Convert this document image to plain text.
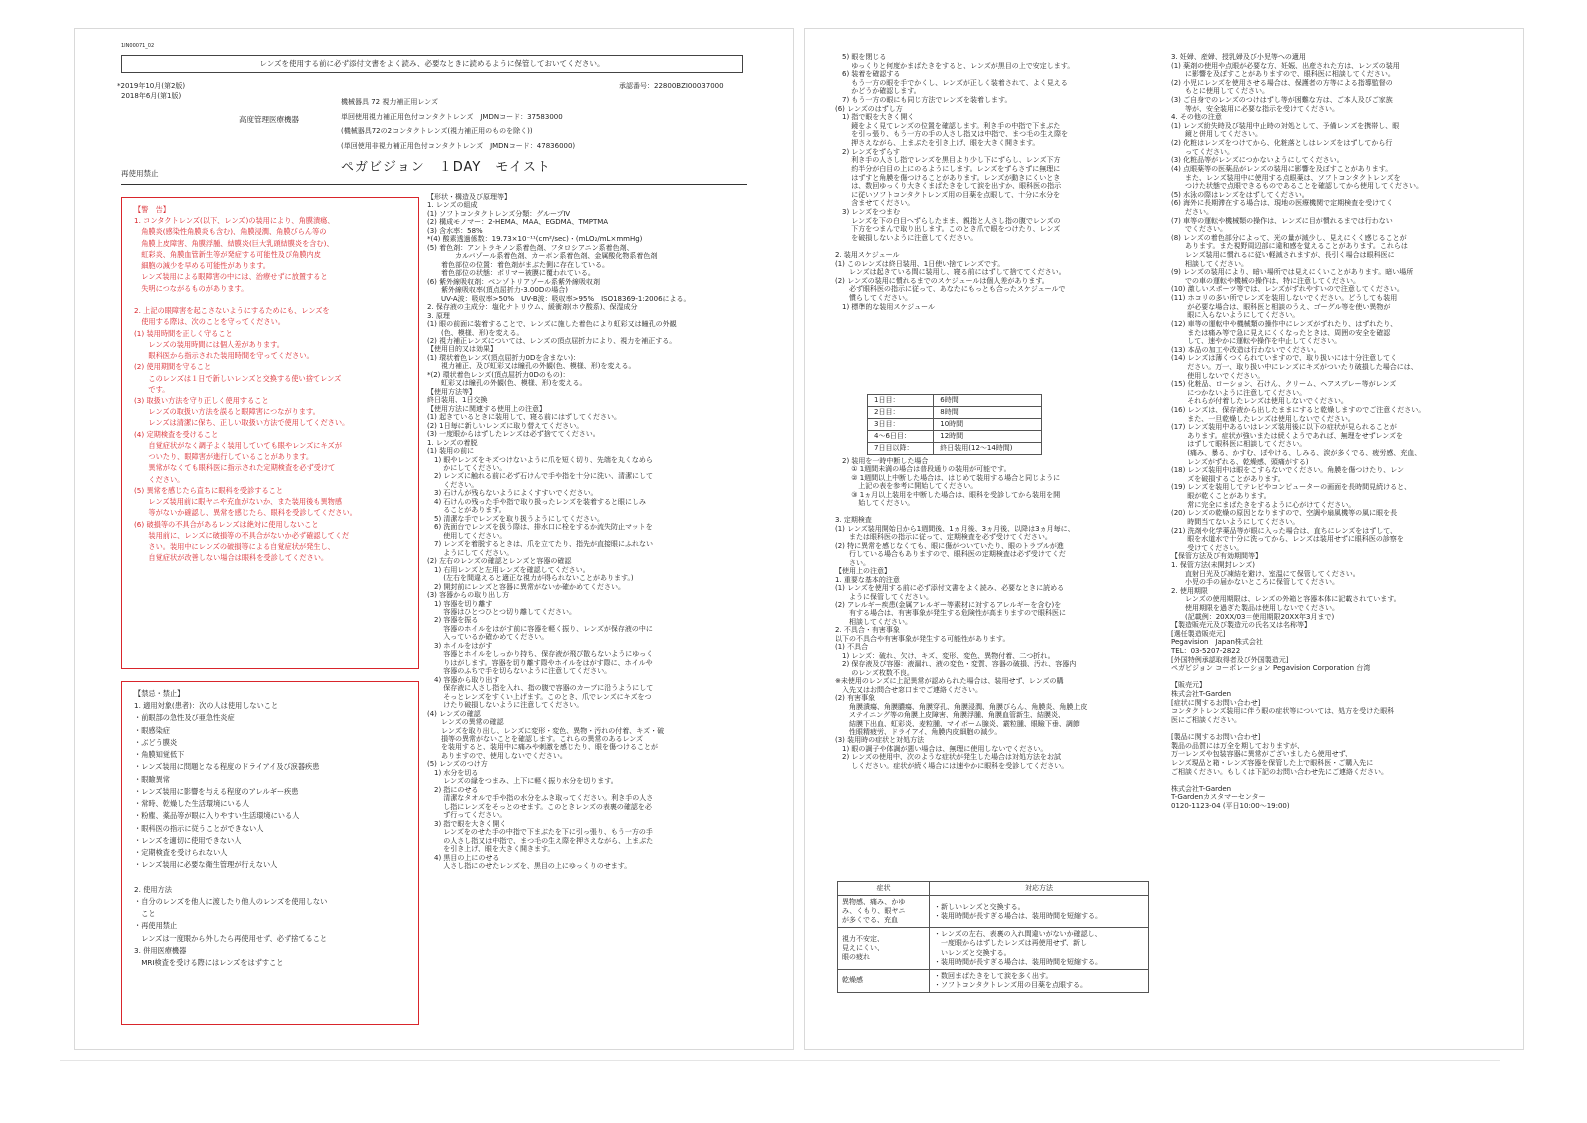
1IN00071_02
レンズを使用する前に必ず添付文書をよく読み、必要なときに読めるように保管しておいてください。
*2019年10月(第2版)
2018年6月(第1版)
承認番号：22800BZI00037000
高度管理医療機器
機械器具 72 視力補正用レンズ
単回使用視力補正用色付コンタクトレンズ　JMDNコード：37583000
(機械器具72の2コンタクトレンズ(視力補正用のものを除く))
(単回使用非視力補正用色付コンタクトレンズ　JMDNコード：47836000)
再使用禁止	ペガビジョン　１DAY　モイスト
【警　告】
1. コンタクトレンズ(以下、レンズ)の装用により、角膜潰瘍、
　角膜炎(感染性角膜炎も含む)、角膜浸潤、角膜びらん等の
　角膜上皮障害、角膜浮腫、結膜炎(巨大乳頭結膜炎を含む)、
　虹彩炎、角膜血管新生等が発症する可能性及び角膜内皮
　細胞の減少を早める可能性があります。
　レンズ装用による眼障害の中には、治療せずに放置すると
　失明につながるものがあります。

2. 上記の眼障害を起こさないようにするためにも、レンズを
　使用する際は、次のことを守ってください。
(1) 装用時間を正しく守ること
　　レンズの装用時間には個人差があります。
　　眼科医から指示された装用時間を守ってください。
(2) 使用期間を守ること
　　このレンズは１日で新しいレンズと交換する使い捨てレンズ
　　です。
(3) 取扱い方法を守り正しく使用すること
　　レンズの取扱い方法を誤ると眼障害につながります。
　　レンズは清潔に保ち、正しい取扱い方法で使用してください。
(4) 定期検査を受けること
　　自覚症状がなく調子よく装用していても眼やレンズにキズが
　　ついたり、眼障害が進行していることがあります。
　　異常がなくても眼科医に指示された定期検査を必ず受けて
　　ください。
(5) 異常を感じたら直ちに眼科を受診すること
　　レンズ装用前に眼ヤニや充血がないか、また装用後も異物感
　　等がないか確認し、異常を感じたら、眼科を受診してください。
(6) 破損等の不具合があるレンズは絶対に使用しないこと
　　装用前に、レンズに破損等の不具合がないか必ず確認してくだ
　　さい。装用中にレンズの破損等による自覚症状が発生し、
　　自覚症状が改善しない場合は眼科を受診してください。
【禁忌・禁止】
1. 適用対象(患者)：次の人は使用しないこと
・前眼部の急性及び亜急性炎症
・眼感染症
・ぶどう膜炎
・角膜知覚低下
・レンズ装用に問題となる程度のドライアイ及び涙器疾患
・眼瞼異常
・レンズ装用に影響を与える程度のアレルギー疾患
・常時、乾燥した生活環境にいる人
・粉塵、薬品等が眼に入りやすい生活環境にいる人
・眼科医の指示に従うことができない人
・レンズを適切に使用できない人
・定期検査を受けられない人
・レンズ装用に必要な衛生管理が行えない人

2. 使用方法
・自分のレンズを他人に渡したり他人のレンズを使用しない
　こと
・再使用禁止
　レンズは一度眼から外したら再使用せず、必ず捨てること
3. 併用医療機器
　MRI検査を受ける際にはレンズをはずすこと
【形状・構造及び原理等】
1. レンズの組成
(1) ソフトコンタクトレンズ分類：グループⅣ
(2) 構成モノマー：2-HEMA、MAA、EGDMA、TMPTMA
(3) 含水率：58%
*(4) 酸素透過係数：19.73×10⁻¹¹(cm²/sec)・(mLO₂/mL×mmHg)
(5) 着色剤：アントラキノン系着色剤、フタロシアニン系着色剤、
　　　　カルバゾール系着色剤、カーボン系着色剤、金属酸化物系着色剤
　　着色部位の位置：着色剤がまぶた側に存在している。
　　着色部位の状態：ポリマー被膜に覆われている。
(6) 紫外線吸収剤：ベンゾトリアゾール系紫外線吸収剤
　　紫外線吸収率(頂点屈折力-3.00Dの場合)
　　UV-A波：吸収率>50%　UV-B波：吸収率>95%　ISO18369-1:2006による。
2. 保存液の主成分：塩化ナトリウム、緩衝剤(ホウ酸系)、保湿成分
3. 原理
(1) 眼の前面に装着することで、レンズに施した着色により虹彩又は瞳孔の外観
　　(色、模様、形)を変える。
(2) 視力補正レンズについては、レンズの頂点屈折力により、視力を補正する。
【使用目的又は効果】
(1) 環状着色レンズ(頂点屈折力0Dを含まない)：
　　視力補正、及び虹彩又は瞳孔の外観(色、模様、形)を変える。
*(2) 環状着色レンズ(頂点屈折力0Dのもの)：
　　虹彩又は瞳孔の外観(色、模様、形)を変える。
【使用方法等】
終日装用、1日交換
【使用方法に関連する使用上の注意】
(1) 起きているときに装用して、寝る前にはずしてください。
(2) 1日毎に新しいレンズに取り替えてください。
(3) 一度眼からはずしたレンズは必ず捨ててください。
1. レンズの着脱
(1) 装用の前に
　1) 眼やレンズをキズつけないように爪を短く切り、先端を丸くなめら
　　 かにしてください。
　2) レンズに触れる前に必ず石けんで手や指を十分に洗い、清潔にして
　　 ください。
　3) 石けんが残らないようによくすすいでください。
　4) 石けんの残った手や指で取り扱ったレンズを装着すると眼にしみ
　　 ることがあります。
　5) 清潔な手でレンズを取り扱うようにしてください。
　6) 洗面台でレンズを扱う際は、排水口に栓をするか流失防止マットを
　　 使用してください。
　7) レンズを着脱するときは、爪を立てたり、指先が直接眼にふれない
　　 ようにしてください。
(2) 左右のレンズの確認とレンズと容器の確認
　1) 右用レンズと左用レンズを確認してください。
　　 (左右を間違えると適正な視力が得られないことがあります。)
　2) 開封前にレンズと容器に異常がないか確かめてください。
(3) 容器からの取り出し方
　1) 容器を切り離す
　　 容器はひとつひとつ切り離してください。
　2) 容器を振る
　　 容器のホイルをはがす前に容器を軽く振り、レンズが保存液の中に
　　 入っているか確かめてください。
　3) ホイルをはがす
　　 容器とホイルをしっかり持ち、保存液が飛び散らないようにゆっく
　　 りはがします。容器を切り離す際やホイルをはがす際に、ホイルや
　　 容器のふちで手を切らないように注意してください。
　4) 容器から取り出す
　　 保存液に人さし指を入れ、指の腹で容器のカーブに沿うようにして
　　 そっとレンズをすくい上げます。このとき、爪でレンズにキズをつ
　　 けたり破損しないように注意してください。
(4) レンズの確認
　　レンズの異常の確認
　　レンズを取り出し、レンズに変形・変色、異物・汚れの付着、キズ・破
　　損等の異常がないことを確認します。これらの異常のあるレンズ
　　を装用すると、装用中に痛みや刺激を感じたり、眼を傷つけることが
　　ありますので、使用しないでください。
(5) レンズのつけ方
　1) 水分を切る
　　 レンズの縁をつまみ、上下に軽く振り水分を切ります。
　2) 指にのせる
　　 清潔なタオルで手や指の水分をふき取ってください。利き手の人さ
　　 し指にレンズをそっとのせます。このときレンズの表裏の確認を必
　　 ず行ってください。
　3) 指で眼を大きく開く
　　 レンズをのせた手の中指で下まぶたを下に引っ張り、もう一方の手
　　 の人さし指又は中指で、まつ毛の生え際を押さえながら、上まぶた
　　 を引き上げ、眼を大きく開きます。
　4) 黒目の上にのせる
　　 人さし指にのせたレンズを、黒目の上にゆっくりのせます。
　5) 眼を閉じる
　　 ゆっくりと何度かまばたきをすると、レンズが黒目の上で安定します。
　6) 装着を確認する
　　 もう一方の眼を手でかくし、レンズが正しく装着されて、よく見える
　　 かどうか確認します。
　7) もう一方の眼にも同じ方法でレンズを装着します。
(6) レンズのはずし方
　1) 指で眼を大きく開く
　　 鏡をよく見てレンズの位置を確認します。利き手の中指で下まぶた
　　 を引っ張り、もう一方の手の人さし指又は中指で、まつ毛の生え際を
　　 押さえながら、上まぶたを引き上げ、眼を大きく開きます。
　2) レンズをずらす
　　 利き手の人さし指でレンズを黒目より少し下にずらし、レンズ下方
　　 約半分が白目の上にのるようにします。レンズをずらさずに無理に
　　 はずすと角膜を傷つけることがあります。レンズが動きにくいとき
　　 は、数回ゆっくり大きくまばたきをして涙を出すか、眼科医の指示
　　 に従いソフトコンタクトレンズ用の目薬を点眼して、十分に水分を
　　 含ませてください。
　3) レンズをつまむ
　　 レンズを下の白目へずらしたまま、親指と人さし指の腹でレンズの
　　 下方をつまんで取り出します。このとき爪で眼をつけたり、レンズ
　　 を破損しないように注意してください。

2. 装用スケジュール
(1) このレンズは終日装用、1日使い捨てレンズです。
　　レンズは起きている間に装用し、寝る前にはずして捨ててください。
(2) レンズの装用に慣れるまでのスケジュールは個人差があります。
　　必ず眼科医の指示に従って、あなたにもっとも合ったスケジュールで
　　慣らしてください。
　1) 標準的な装用スケジュール
1日目：	6時間
2日目：	8時間
3日目：	10時間
4～6日目：	12時間
7日目以降：	終日装用(12～14時間)
　2) 装用を一時中断した場合
　　 ① 1週間未満の場合は普段通りの装用が可能です。
　　 ② 1週間以上中断した場合は、はじめて装用する場合と同じように
　　　 上記の表を参考に開始してください。
　　 ③ 1ヵ月以上装用を中断した場合は、眼科を受診してから装用を開
　　　 始してください。

3. 定期検査
(1) レンズ装用開始日から1週間後、1ヵ月後、3ヵ月後、以降は3ヵ月毎に、
　　または眼科医の指示に従って、定期検査を必ず受けてください。
(2) 特に異常を感じなくても、眼に傷がついていたり、眼のトラブルが進
　　行している場合もありますので、眼科医の定期検査は必ず受けてくだ
　　さい。
【使用上の注意】
1. 重要な基本的注意
(1) レンズを使用する前に必ず添付文書をよく読み、必要なときに読める
　　ように保管してください。
(2) アレルギー疾患(金属アレルギー等素材に対するアレルギーを含む)を
　　有する場合は、有害事象が発生する危険性が高まりますので眼科医に
　　相談してください。
2. 不具合・有害事象
以下の不具合や有害事象が発生する可能性があります。
(1) 不具合
　1) レンズ：破れ、欠け、キズ、変形、変色、異物付着、二つ折れ。
　2) 保存液及び容器：液漏れ、液の変色・変質、容器の破損、汚れ、容器内
　　 のレンズ枚数不良。
※未使用のレンズに上記異常が認められた場合は、装用せず、レンズの購
　入先又はお問合せ窓口までご連絡ください。
(2) 有害事象
　　角膜潰瘍、角膜膿瘍、角膜穿孔、角膜浸潤、角膜びらん、角膜炎、角膜上皮
　　ステイニング等の角膜上皮障害、角膜浮腫、角膜血管新生、結膜炎、
　　結膜下出血、虹彩炎、麦粒腫、マイボーム腺炎、霰粒腫、眼瞼下垂、調節
　　性眼精疲労、ドライアイ、角膜内皮細胞の減少。
(3) 装用時の症状と対処方法
　1) 眼の調子や体調が悪い場合は、無理に使用しないでください。
　2) レンズの使用中、次のような症状が発生した場合は対処方法をお試
　　 しください。症状が続く場合には速やかに眼科を受診してください。
症状	対応方法
異物感、痛み、かゆ
み、くもり、眼ヤニ
が多くでる、充血	・新しいレンズと交換する。
・装用時間が長すぎる場合は、装用時間を短縮する。
視力不安定、
見えにくい、
眼の疲れ	・レンズの左右、表裏の入れ間違いがないか確認し、
　一度眼からはずしたレンズは再使用せず、新し
　いレンズと交換する。
・装用時間が長すぎる場合は、装用時間を短縮する。
乾燥感	・数回まばたきをして涙を多く出す。
・ソフトコンタクトレンズ用の目薬を点眼する。
3. 妊婦、産婦、授乳婦及び小児等への適用
(1) 薬剤の使用や点眼が必要な方、妊娠、出産された方は、レンズの装用
　　に影響を及ぼすことがありますので、眼科医に相談してください。
(2) 小児にレンズを使用させる場合は、保護者の方等による指導監督の
　　もとに使用してください。
(3) ご自身でのレンズのつけはずし等が困難な方は、ご本人及びご家族
　　等が、安全装用に必要な指示を受けてください。
4. その他の注意
(1) レンズ紛失時及び装用中止時の対処として、予備レンズを携帯し、眼
　　鏡と併用してください。
(2) 化粧はレンズをつけてから、化粧落としはレンズをはずしてから行
　　ってください。
(3) 化粧品等がレンズにつかないようにしてください。
(4) 点眼薬等の医薬品がレンズの装用に影響を及ぼすことがあります。
　　また、レンズ装用中に使用する点眼薬は、ソフトコンタクトレンズを
　　つけた状態で点眼できるものであることを確認してから使用してください。
(5) 水泳の際はレンズをはずしてください。
(6) 海外に長期滞在する場合は、現地の医療機関で定期検査を受けてく
　　ださい。
(7) 車等の運転や機械類の操作は、レンズに目が慣れるまでは行わない
　　でください。
(8) レンズの着色部分によって、光の量が減少し、見えにくく感じることが
　　あります。また視野周辺部に違和感を覚えることがあります。これらは
　　レンズ装用に慣れるに従い軽減されますが、長引く場合は眼科医に
　　相談してください。
(9) レンズの装用により、暗い場所では見えにくいことがあります。暗い場所
　　での車の運転や機械の操作は、特に注意してください。
(10) 激しいスポーツ等では、レンズがずれやすいので注意してください。
(11) ホコリの多い所でレンズを装用しないでください。どうしても装用
　　 が必要な場合は、眼科医と相談のうえ、ゴーグル等を使い異物が
　　 眼に入らないようにしてください。
(12) 車等の運転中や機械類の操作中にレンズがずれたり、はずれたり、
　　 または痛み等で急に見えにくくなったときは、周囲の安全を確認
　　 して、速やかに運転や操作を中止してください。
(13) 本品の加工や改造は行わないでください。
(14) レンズは薄くつくられていますので、取り扱いには十分注意してく
　　 ださい。万一、取り扱い中にレンズにキズがついたり破損した場合には、
　　 使用しないでください。
(15) 化粧品、ローション、石けん、クリーム、ヘアスプレー等がレンズ
　　 につかないように注意してください。
　　 それらが付着したレンズは使用しないでください。
(16) レンズは、保存液から出したままにすると乾燥しますのでご注意ください。
　　 また、一旦乾燥したレンズは使用しないでください。
(17) レンズ装用中あるいはレンズ装用後に以下の症状が見られることが
　　 あります。症状が強いまたは続くようであれば、無理をせずレンズを
　　 はずして眼科医に相談してください。
　　 (痛み、暴る、かすむ、ぼやける、しみる、涙が多くでる、疲労感、充血、
　　 レンズがずれる、乾燥感、頭痛がする)
(18) レンズ装用中は眼をこすらないでください。角膜を傷つけたり、レン
　　 ズを破損することがあります。
(19) レンズを装用してテレビやコンピューターの画面を長時間見続けると、
　　 眼が乾くことがあります。
　　 常に完全にまばたきをするように心がけてください。
(20) レンズの乾燥の原因となりますので、空調や扇風機等の風に眼を長
　　 時間当てないようにしてください。
(21) 洗剤や化学薬品等が眼に入った場合は、直ちにレンズをはずして、
　　 眼を水道水で十分に洗ってから、レンズは装用せずに眼科医の診察を
　　 受けてください。
【保管方法及び有効期間等】
1. 保管方法(未開封レンズ)
　　直射日光及び凍結を避け、室温にて保管してください。
　　小児の手の届かないところに保管してください。
2. 使用期限
　　レンズの使用期限は、レンズの外箱と容器本体に記載されています。
　　使用期限を過ぎた製品は使用しないでください。
　　(記載例：20XX/03＝使用期限20XX年3月まで)
【製造販売元及び製造元の氏名又は名称等】
[選任製造販売元]
Pegavision　Japan株式会社
TEL：03-5207-2822
[外国特例承認取得者及び外国製造元]
ペガビジョン コーポレーション Pegavision Corporation 台湾

【販売元】
株式会社T-Garden
[症状に関するお問い合わせ]
コンタクトレンズ装用に伴う眼の症状等については、処方を受けた眼科
医にご相談ください。

[製品に関するお問い合わせ]
製品の品質には万全を期しておりますが、
万一レンズや包装容器に異常がございましたら使用せず、
レンズ現品と箱・レンズ容器を保管した上で眼科医・ご購入先に
ご相談ください。もしくは下記のお問い合わせ先にご連絡ください。

株式会社T-Garden
T-Gardenカスタマーセンター
0120-1123-04 (平日10:00～19:00)
